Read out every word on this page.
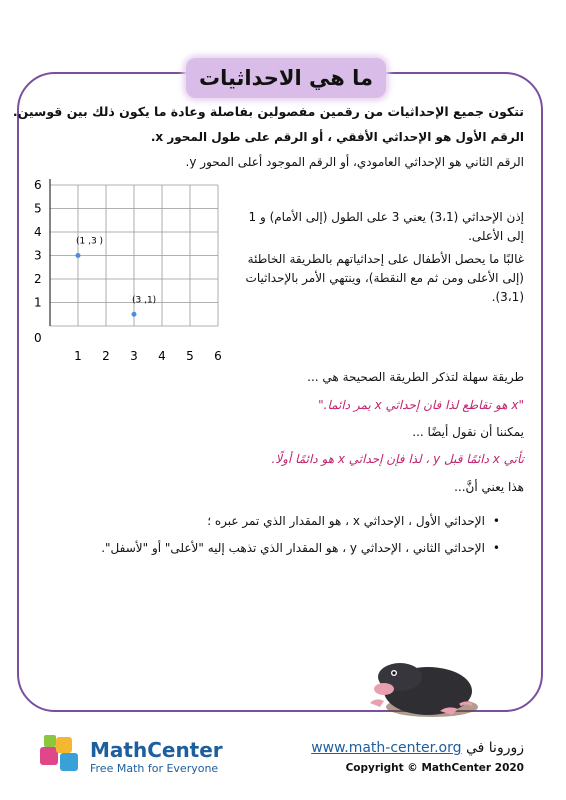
ما هي الاحداثيات
تتكون جميع الإحداثيات من رقمين مفصولين بفاصلة وعادة ما يكون ذلك بين قوسين.
الرقم الأول هو الإحداثي الأفقي ، أو الرقم على طول المحور x.
الرقم الثاني هو الإحداثي العامودي، أو الرقم الموجود أعلى المحور y.
1 2 3 4 5 6
0
1
2
3
4
5
6
(1 ,3 )
(3 ,1)
إذن الإحداثي (3،1) يعني 3 على الطول (إلى الأمام) و 1
إلى الأعلى.
غالبًا ما يحصل الأطفال على إحداثياتهم بالطريقة الخاطئة
(إلى الأعلى ومن ثم مع النقطة)، وينتهي الأمر بالإحداثيات
(3،1).
طريقة سهلة لتذكر الطريقة الصحيحة هي ...
"x هو تقاطع لذا فان إحداثي x يمر دائما."
يمكننا أن نقول أيضًا ...
تأتي x دائمًا قبل y ، لذا فإن إحداثي x هو دائمًا أولًا.
هذا يعني أنَّ...
• الإحداثي الأول ، الإحداثي x ، هو المقدار الذي تمر عبره ؛
• الإحداثي الثاني ، الإحداثي y ، هو المقدار الذي تذهب إليه "لأعلى" أو "لأسفل".
MathCenter
Free Math for Everyone
زورونا في www.math-center.org
Copyright © MathCenter 2020
